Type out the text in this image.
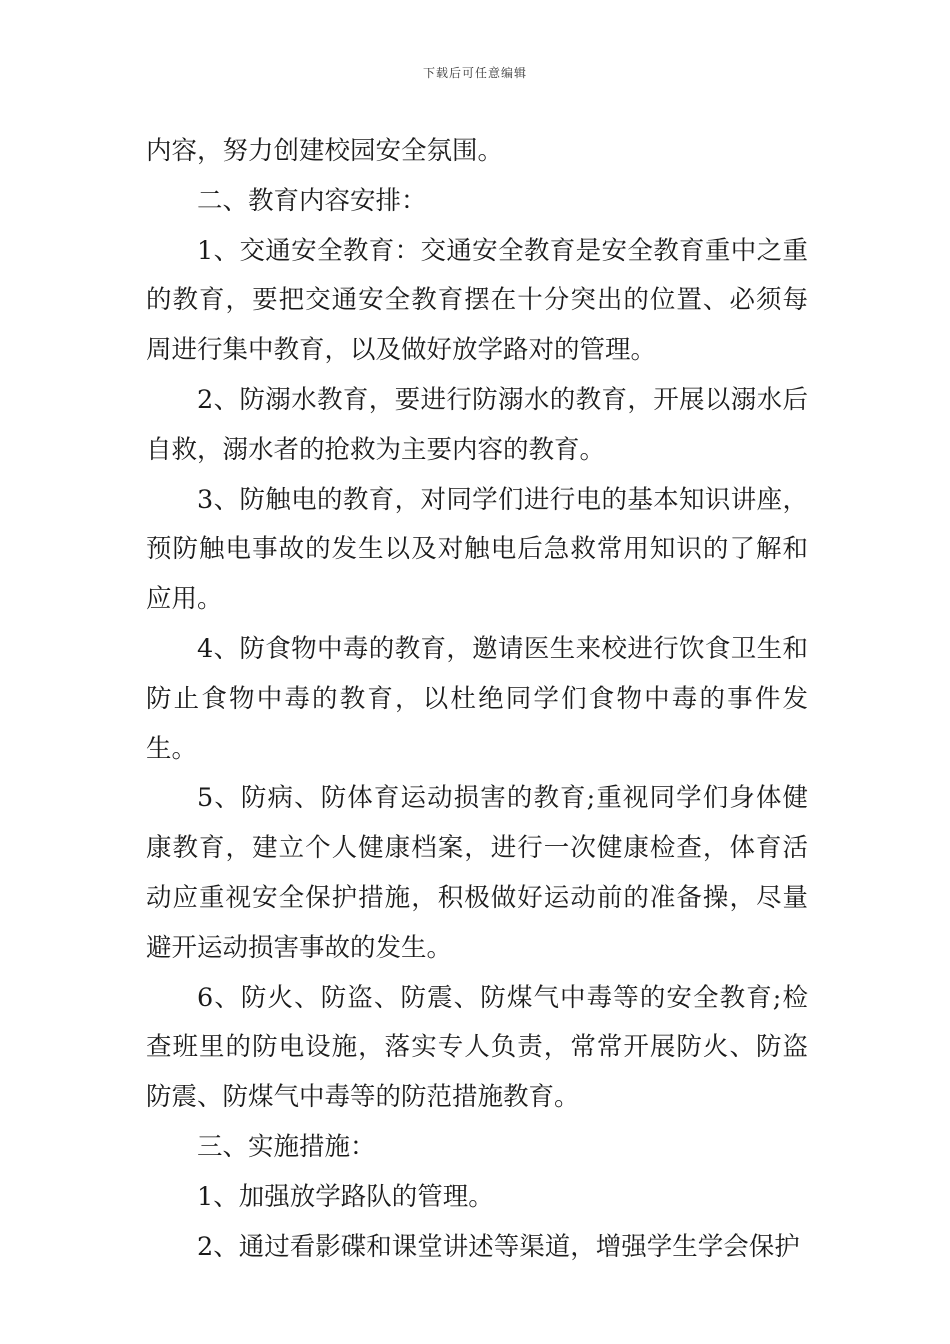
下载后可任意编辑

内容，努力创建校园安全氛围。

二、教育内容安排：

1、交通安全教育：交通安全教育是安全教育重中之重的教育，要把交通安全教育摆在十分突出的位置、必须每周进行集中教育，以及做好放学路对的管理。

2、防溺水教育，要进行防溺水的教育，开展以溺水后自救，溺水者的抢救为主要内容的教育。

3、防触电的教育，对同学们进行电的基本知识讲座，预防触电事故的发生以及对触电后急救常用知识的了解和应用。

4、防食物中毒的教育，邀请医生来校进行饮食卫生和防止食物中毒的教育，以杜绝同学们食物中毒的事件发生。

5、防病、防体育运动损害的教育;重视同学们身体健康教育，建立个人健康档案，进行一次健康检查，体育活动应重视安全保护措施，积极做好运动前的准备操，尽量避开运动损害事故的发生。

6、防火、防盗、防震、防煤气中毒等的安全教育;检查班里的防电设施，落实专人负责，常常开展防火、防盗防震、防煤气中毒等的防范措施教育。

三、实施措施：

1、加强放学路队的管理。

2、通过看影碟和课堂讲述等渠道，增强学生学会保护
